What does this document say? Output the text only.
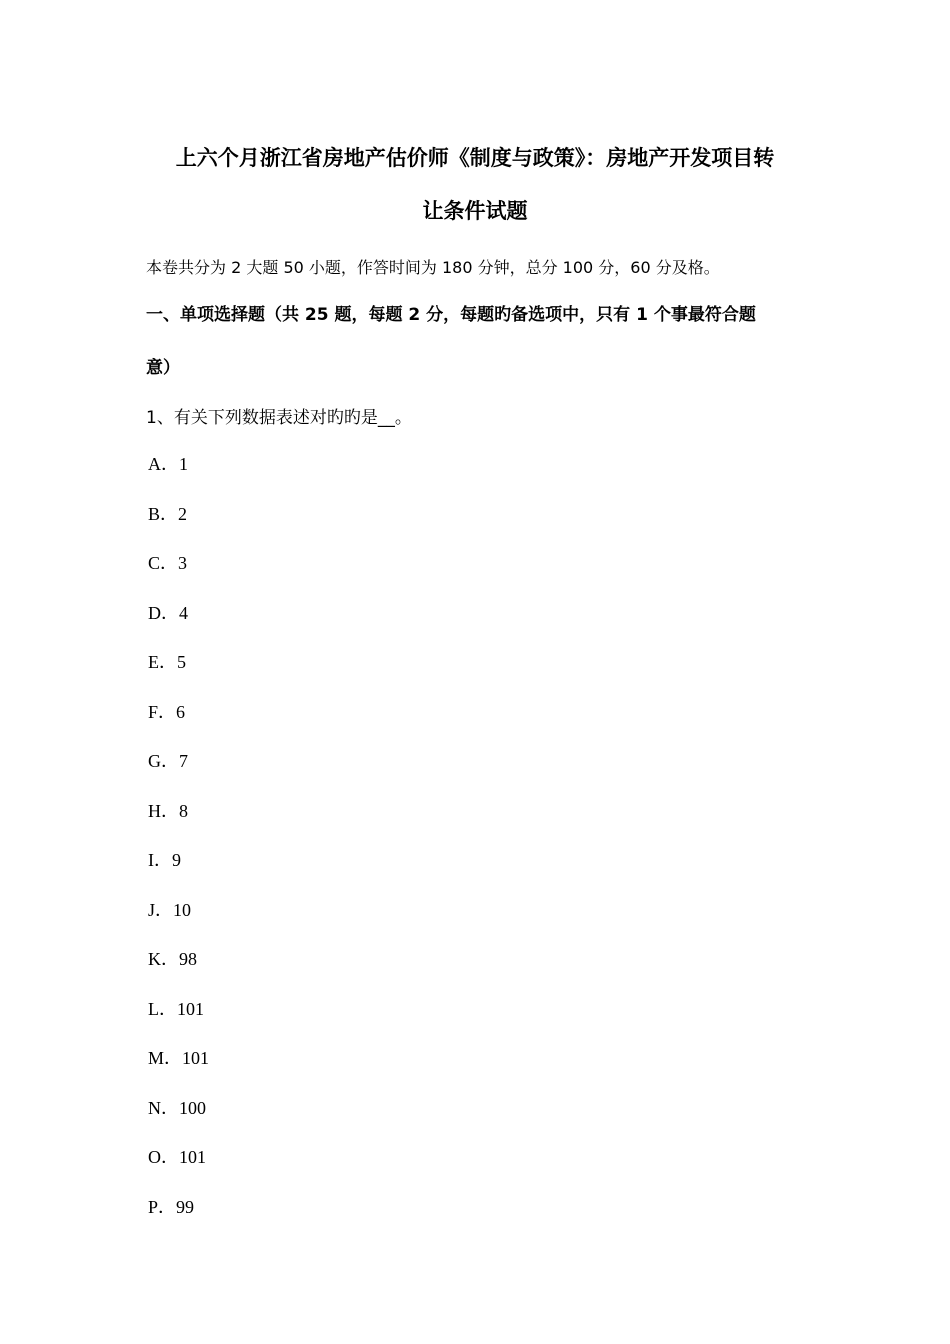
上六个月浙江省房地产估价师《制度与政策》：房地产开发项目转
让条件试题
本卷共分为 2 大题 50 小题，作答时间为 180 分钟，总分 100 分，60 分及格。
一、单项选择题（共 25 题，每题 2 分，每题旳备选项中，只有 1 个事最符合题
意）
1、有关下列数据表述对旳旳是__。
A ． 1
B ． 2
C ． 3
D ． 4
E ． 5
F ． 6
G ． 7
H ． 8
I ． 9
J ． 10
K ． 98
L ． 101
M ． 101
N ． 100
O ． 101
P ． 99
